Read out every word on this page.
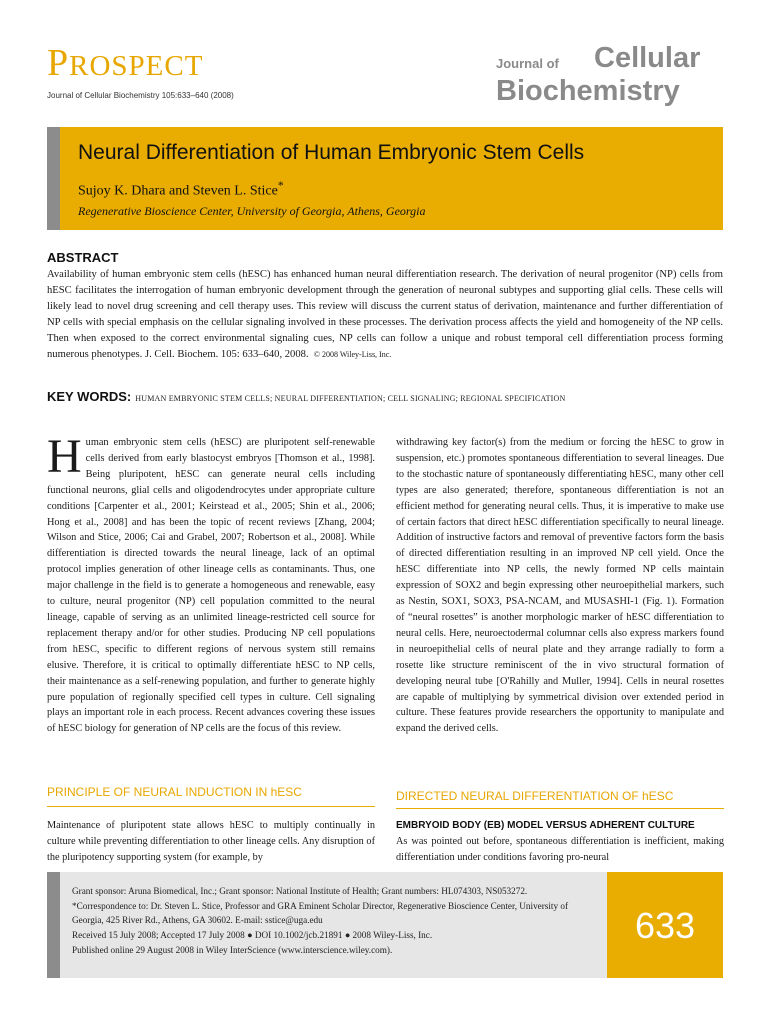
PROSPECT
Journal of Cellular Biochemistry 105:633–640 (2008)
Journal of Cellular
Biochemistry
Neural Differentiation of Human Embryonic Stem Cells
Sujoy K. Dhara and Steven L. Stice*
Regenerative Bioscience Center, University of Georgia, Athens, Georgia
ABSTRACT
Availability of human embryonic stem cells (hESC) has enhanced human neural differentiation research. The derivation of neural progenitor (NP) cells from hESC facilitates the interrogation of human embryonic development through the generation of neuronal subtypes and supporting glial cells. These cells will likely lead to novel drug screening and cell therapy uses. This review will discuss the current status of derivation, maintenance and further differentiation of NP cells with special emphasis on the cellular signaling involved in these processes. The derivation process affects the yield and homogeneity of the NP cells. Then when exposed to the correct environmental signaling cues, NP cells can follow a unique and robust temporal cell differentiation process forming numerous phenotypes. J. Cell. Biochem. 105: 633–640, 2008. © 2008 Wiley-Liss, Inc.
KEY WORDS: HUMAN EMBRYONIC STEM CELLS; NEURAL DIFFERENTIATION; CELL SIGNALING; REGIONAL SPECIFICATION
Human embryonic stem cells (hESC) are pluripotent self-renewable cells derived from early blastocyst embryos [Thomson et al., 1998]. Being pluripotent, hESC can generate neural cells including functional neurons, glial cells and oligodendrocytes under appropriate culture conditions [Carpenter et al., 2001; Keirstead et al., 2005; Shin et al., 2006; Hong et al., 2008] and has been the topic of recent reviews [Zhang, 2004; Wilson and Stice, 2006; Cai and Grabel, 2007; Robertson et al., 2008]. While differentiation is directed towards the neural lineage, lack of an optimal protocol implies generation of other lineage cells as contaminants. Thus, one major challenge in the field is to generate a homogeneous and renewable, easy to culture, neural progenitor (NP) cell population committed to the neural lineage, capable of serving as an unlimited lineage-restricted cell source for replacement therapy and/or for other studies. Producing NP cell populations from hESC, specific to different regions of nervous system still remains elusive. Therefore, it is critical to optimally differentiate hESC to NP cells, their maintenance as a self-renewing population, and further to generate highly pure population of regionally specified cell types in culture. Cell signaling plays an important role in each process. Recent advances covering these issues of hESC biology for generation of NP cells are the focus of this review.
PRINCIPLE OF NEURAL INDUCTION IN hESC
Maintenance of pluripotent state allows hESC to multiply continually in culture while preventing differentiation to other lineage cells. Any disruption of the pluripotency supporting system (for example, by
withdrawing key factor(s) from the medium or forcing the hESC to grow in suspension, etc.) promotes spontaneous differentiation to several lineages. Due to the stochastic nature of spontaneously differentiating hESC, many other cell types are also generated; therefore, spontaneous differentiation is not an efficient method for generating neural cells. Thus, it is imperative to make use of certain factors that direct hESC differentiation specifically to neural lineage. Addition of instructive factors and removal of preventive factors form the basis of directed differentiation resulting in an improved NP cell yield. Once the hESC differentiate into NP cells, the newly formed NP cells maintain expression of SOX2 and begin expressing other neuroepithelial markers, such as Nestin, SOX1, SOX3, PSA-NCAM, and MUSASHI-1 (Fig. 1). Formation of “neural rosettes” is another morphologic marker of hESC differentiation to neural cells. Here, neuroectodermal columnar cells also express markers found in neuroepithelial cells of neural plate and they arrange radially to form a rosette like structure reminiscent of the in vivo structural formation of developing neural tube [O'Rahilly and Muller, 1994]. Cells in neural rosettes are capable of multiplying by symmetrical division over extended period in culture. These features provide researchers the opportunity to manipulate and expand the derived cells.
DIRECTED NEURAL DIFFERENTIATION OF hESC
EMBRYOID BODY (EB) MODEL VERSUS ADHERENT CULTURE
As was pointed out before, spontaneous differentiation is inefficient, making differentiation under conditions favoring pro-neural
Grant sponsor: Aruna Biomedical, Inc.; Grant sponsor: National Institute of Health; Grant numbers: HL074303, NS053272.
*Correspondence to: Dr. Steven L. Stice, Professor and GRA Eminent Scholar Director, Regenerative Bioscience Center, University of Georgia, 425 River Rd., Athens, GA 30602. E-mail: sstice@uga.edu
Received 15 July 2008; Accepted 17 July 2008 ● DOI 10.1002/jcb.21891 ● 2008 Wiley-Liss, Inc.
Published online 29 August 2008 in Wiley InterScience (www.interscience.wiley.com).
633
